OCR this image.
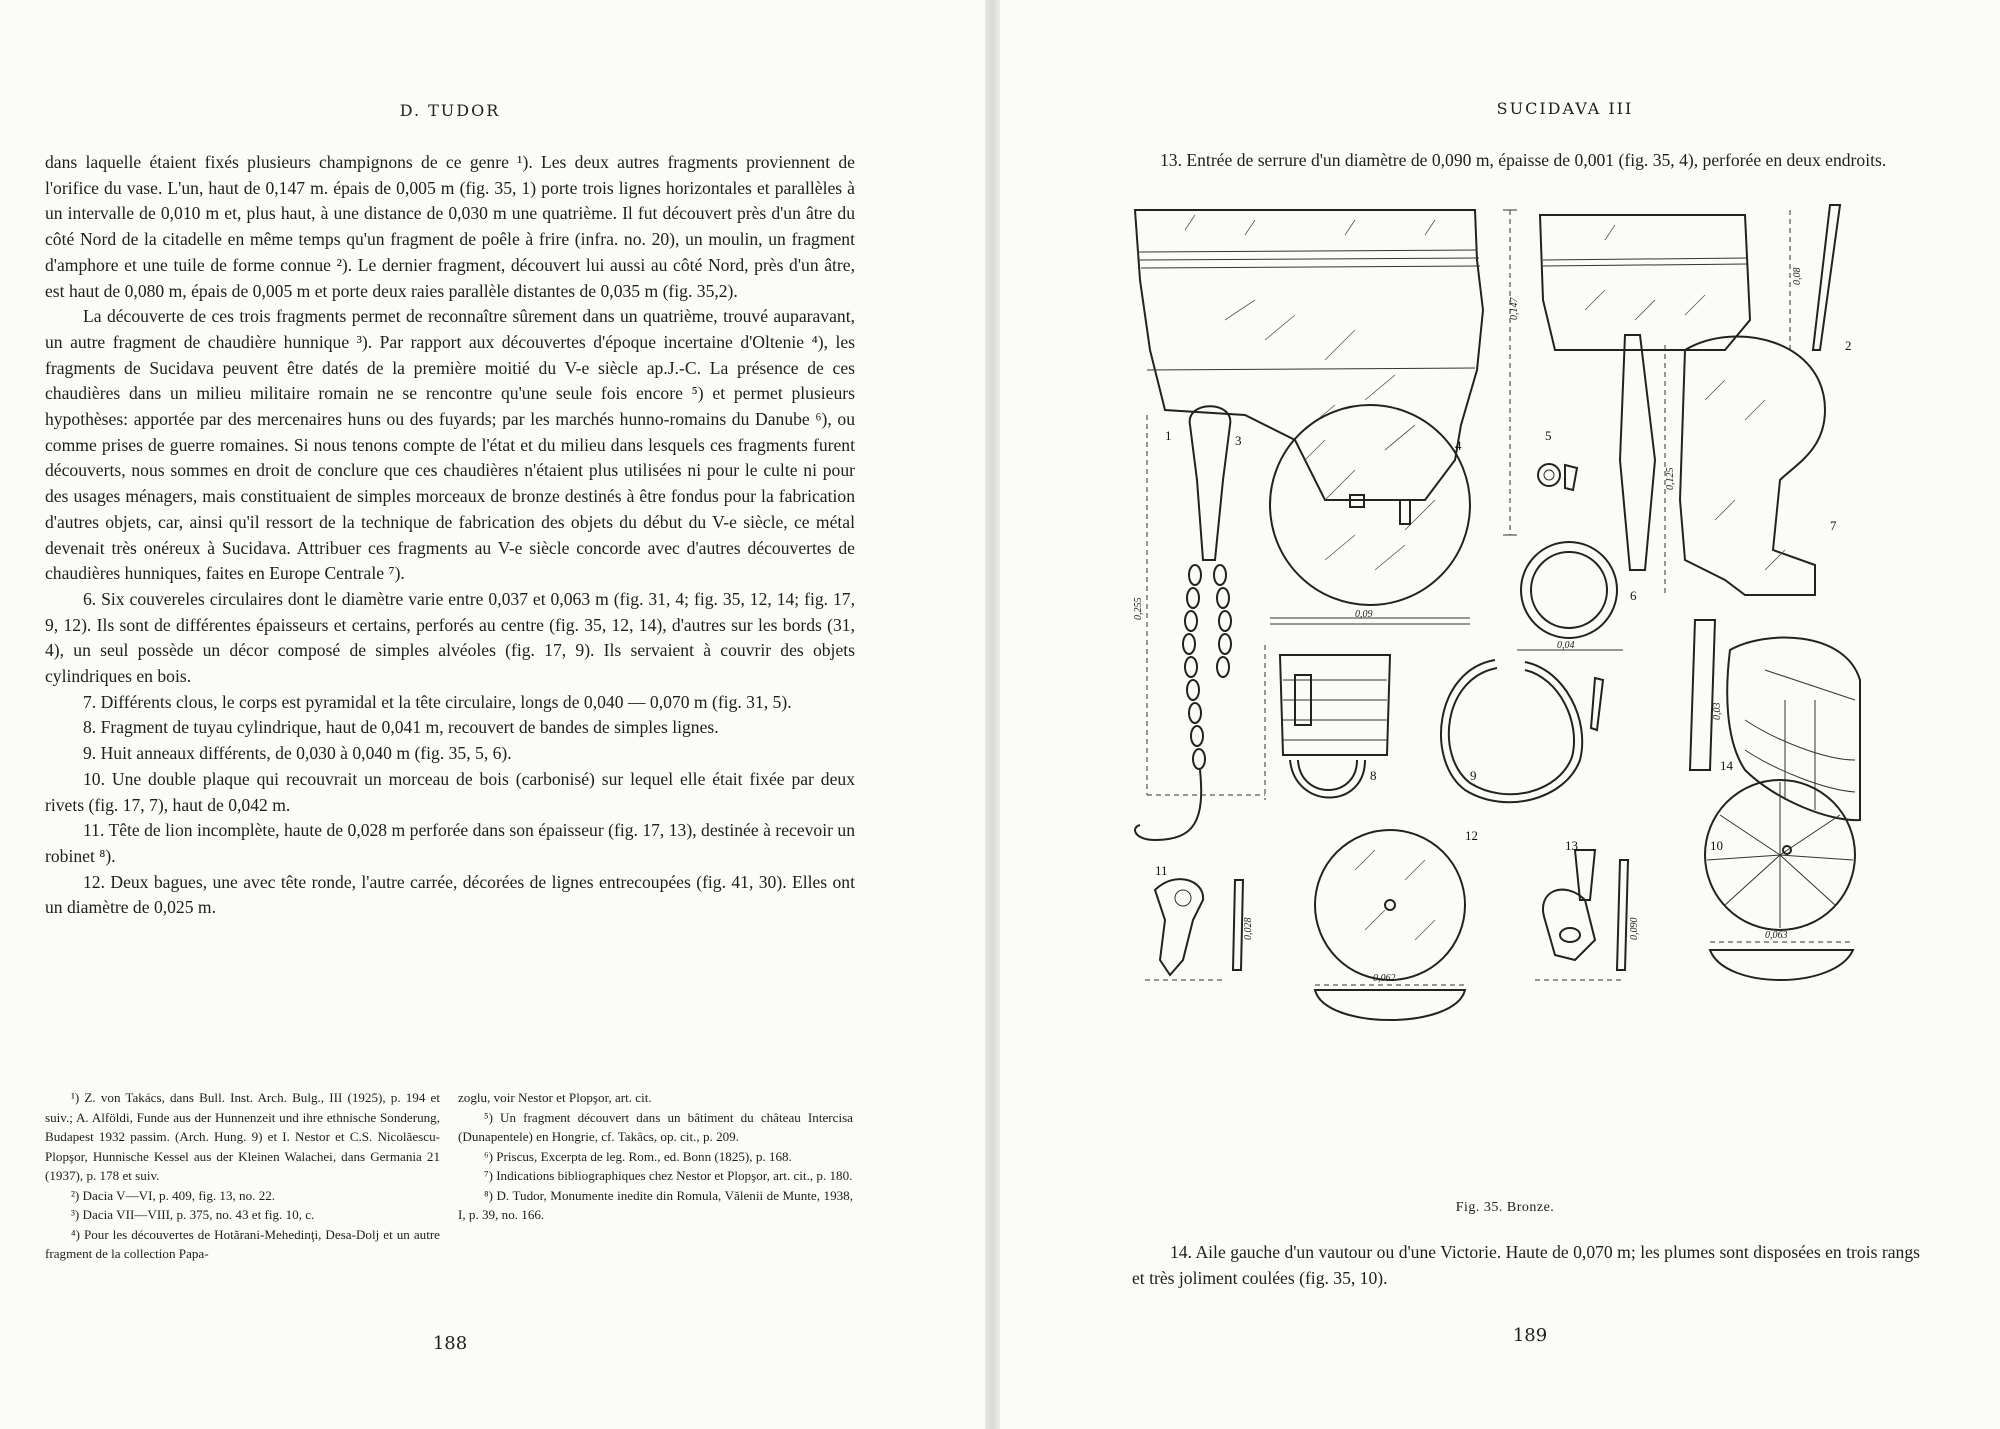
D. TUDOR

dans laquelle étaient fixés plusieurs champignons de ce genre ¹). Les deux autres fragments proviennent de l'orifice du vase. L'un, haut de 0,147 m. épais de 0,005 m (fig. 35, 1) porte trois lignes horizontales et parallèles à un intervalle de 0,010 m et, plus haut, à une distance de 0,030 m une quatrième. Il fut découvert près d'un âtre du côté Nord de la citadelle en même temps qu'un fragment de poêle à frire (infra. no. 20), un moulin, un fragment d'amphore et une tuile de forme connue ²). Le dernier fragment, découvert lui aussi au côté Nord, près d'un âtre, est haut de 0,080 m, épais de 0,005 m et porte deux raies parallèle distantes de 0,035 m (fig. 35,2).

La découverte de ces trois fragments permet de reconnaître sûrement dans un quatrième, trouvé auparavant, un autre fragment de chaudière hunnique ³). Par rapport aux découvertes d'époque incertaine d'Oltenie ⁴), les fragments de Sucidava peuvent être datés de la première moitié du V-e siècle ap.J.-C. La présence de ces chaudières dans un milieu militaire romain ne se rencontre qu'une seule fois encore ⁵) et permet plusieurs hypothèses: apportée par des mercenaires huns ou des fuyards; par les marchés hunno-romains du Danube ⁶), ou comme prises de guerre romaines. Si nous tenons compte de l'état et du milieu dans lesquels ces fragments furent découverts, nous sommes en droit de conclure que ces chaudières n'étaient plus utilisées ni pour le culte ni pour des usages ménagers, mais constituaient de simples morceaux de bronze destinés à être fondus pour la fabrication d'autres objets, car, ainsi qu'il ressort de la technique de fabrication des objets du début du V-e siècle, ce métal devenait très onéreux à Sucidava. Attribuer ces fragments au V-e siècle concorde avec d'autres découvertes de chaudières hunniques, faites en Europe Centrale ⁷).

6. Six couvereles circulaires dont le diamètre varie entre 0,037 et 0,063 m (fig. 31, 4; fig. 35, 12, 14; fig. 17, 9, 12). Ils sont de différentes épaisseurs et certains, perforés au centre (fig. 35, 12, 14), d'autres sur les bords (31, 4), un seul possède un décor composé de simples alvéoles (fig. 17, 9). Ils servaient à couvrir des objets cylindriques en bois.

7. Différents clous, le corps est pyramidal et la tête circulaire, longs de 0,040 — 0,070 m (fig. 31, 5).

8. Fragment de tuyau cylindrique, haut de 0,041 m, recouvert de bandes de simples lignes.

9. Huit anneaux différents, de 0,030 à 0,040 m (fig. 35, 5, 6).

10. Une double plaque qui recouvrait un morceau de bois (carbonisé) sur lequel elle était fixée par deux rivets (fig. 17, 7), haut de 0,042 m.

11. Tête de lion incomplète, haute de 0,028 m perforée dans son épaisseur (fig. 17, 13), destinée à recevoir un robinet ⁸).

12. Deux bagues, une avec tête ronde, l'autre carrée, décorées de lignes entrecoupées (fig. 41, 30). Elles ont un diamètre de 0,025 m.

¹) Z. von Takács, dans Bull. Inst. Arch. Bulg., III (1925), p. 194 et suiv.; A. Alföldi, Funde aus der Hunnenzeit und ihre ethnische Sonderung, Budapest 1932 passim. (Arch. Hung. 9) et I. Nestor et C.S. Nicolăescu-Plopşor, Hunnische Kessel aus der Kleinen Walachei, dans Germania 21 (1937), p. 178 et suiv.

²) Dacia V—VI, p. 409, fig. 13, no. 22.

³) Dacia VII—VIII, p. 375, no. 43 et fig. 10, c.

⁴) Pour les découvertes de Hotărani-Mehedinţi, Desa-Dolj et un autre fragment de la collection Papa-

zoglu, voir Nestor et Plopşor, art. cit.

⁵) Un fragment découvert dans un bâtiment du château Intercisa (Dunapentele) en Hongrie, cf. Takâcs, op. cit., p. 209.

⁶) Priscus, Excerpta de leg. Rom., ed. Bonn (1825), p. 168.

⁷) Indications bibliographiques chez Nestor et Plopşor, art. cit., p. 180.

⁸) D. Tudor, Monumente inedite din Romula, Vălenii de Munte, 1938, I, p. 39, no. 166.

188
SUCIDAVA III

13. Entrée de serrure d'un diamètre de 0,090 m, épaisse de 0,001 (fig. 35, 4), perforée en deux endroits.

Fig. 35. Bronze.

14. Aile gauche d'un vautour ou d'une Victorie. Haute de 0,070 m; les plumes sont disposées en trois rangs et très joliment coulées (fig. 35, 10).

189
1
2
3	4
5
6
7
8	9
10
11
12
13
14
0,147
0,08
0,125
0,255	0,09
0,04
0,028
0,03
0,062
0,063
0,090
